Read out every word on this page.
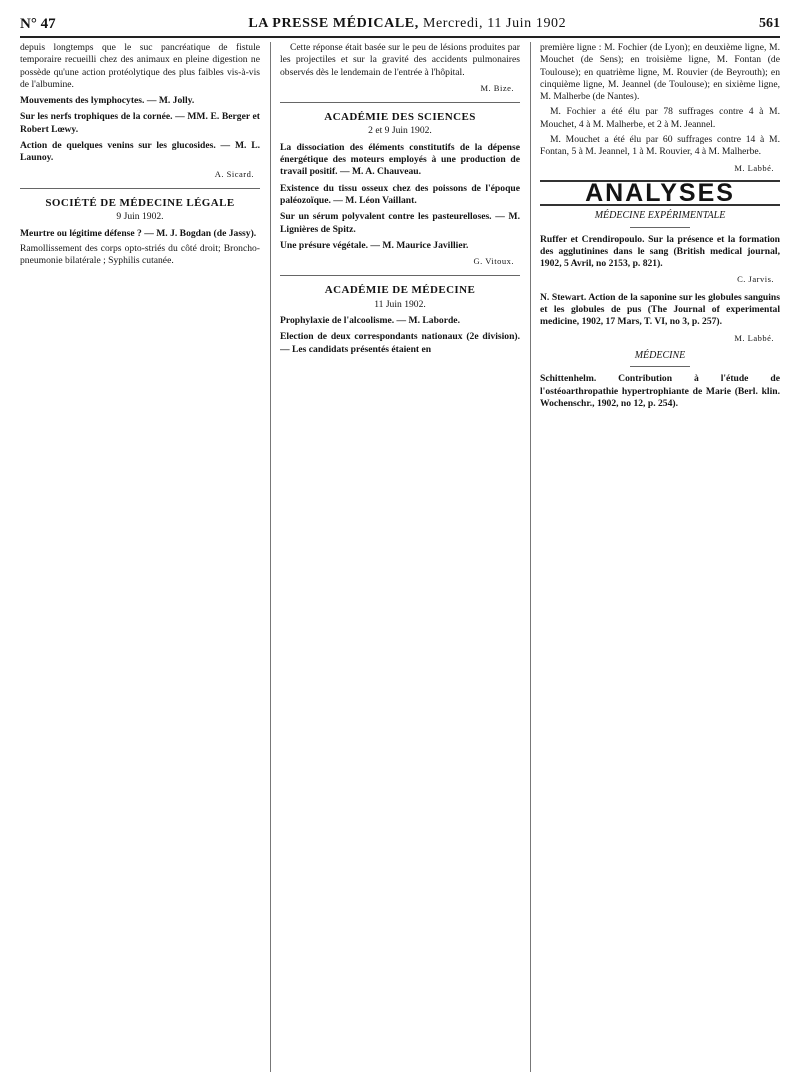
N° 47	LA PRESSE MÉDICALE, Mercredi, 11 Juin 1902	561

depuis longtemps que le suc pancréatique de fistule temporaire recueilli chez des animaux en pleine digestion ne possède qu'une action protéolytique des plus faibles vis-à-vis de l'albumine.

Mouvements des lymphocytes. — M. Jolly.

Sur les nerfs trophiques de la cornée. — MM. E. Berger et Robert Lœwy.

Action de quelques venins sur les glucosides. — M. L. Launoy.

A. Sicard.
SOCIÉTÉ DE MÉDECINE LÉGALE
9 Juin 1902.

Meurtre ou légitime défense ? — M. J. Bogdan (de Jassy).

Ramollissement des corps opto-striés du côté droit; Broncho-pneumonie bilatérale ; Syphilis cutanée.

Cette réponse était basée sur le peu de lésions produites par les projectiles et sur la gravité des accidents pulmonaires observés dès le lendemain de l'entrée à l'hôpital.

M. Bize.
ACADÉMIE DES SCIENCES
2 et 9 Juin 1902.

La dissociation des éléments constitutifs de la dépense énergétique des moteurs employés à une production de travail positif. — M. A. Chauveau.

Existence du tissu osseux chez des poissons de l'époque paléozoïque. — M. Léon Vaillant.

Sur un sérum polyvalent contre les pasteurelloses. — M. Lignières de Spitz.

Une présure végétale. — M. Maurice Javillier.

G. Vitoux.
ACADÉMIE DE MÉDECINE
11 Juin 1902.

Prophylaxie de l'alcoolisme. — M. Laborde.

Election de deux correspondants nationaux (2e division). — Les candidats présentés étaient en

première ligne : M. Fochier (de Lyon); en deuxième ligne, M. Mouchet (de Sens); en troisième ligne, M. Fontan (de Toulouse); en quatrième ligne, M. Rouvier (de Beyrouth); en cinquième ligne, M. Jeannel (de Toulouse); en sixième ligne, M. Malherbe (de Nantes).

M. Fochier a été élu par 78 suffrages contre 4 à M. Mouchet, 4 à M. Malherbe, et 2 à M. Jeannel.

M. Mouchet a été élu par 60 suffrages contre 14 à M. Fontan, 5 à M. Jeannel, 1 à M. Rouvier, 4 à M. Malherbe.

M. Labbé.
ANALYSES
MÉDECINE EXPÉRIMENTALE

Ruffer et Crendiropoulo. Sur la présence et la formation des agglutinines dans le sang (British medical journal, 1902, 5 Avril, no 2153, p. 821).

C. Jarvis.

N. Stewart. Action de la saponine sur les globules sanguins et les globules de pus (The Journal of experimental medicine, 1902, 17 Mars, T. VI, no 3, p. 257).

M. Labbé.
MÉDECINE

Schittenhelm. Contribution à l'étude de l'ostéoarthropathie hypertrophiante de Marie (Berl. klin. Wochenschr., 1902, no 12, p. 254).
